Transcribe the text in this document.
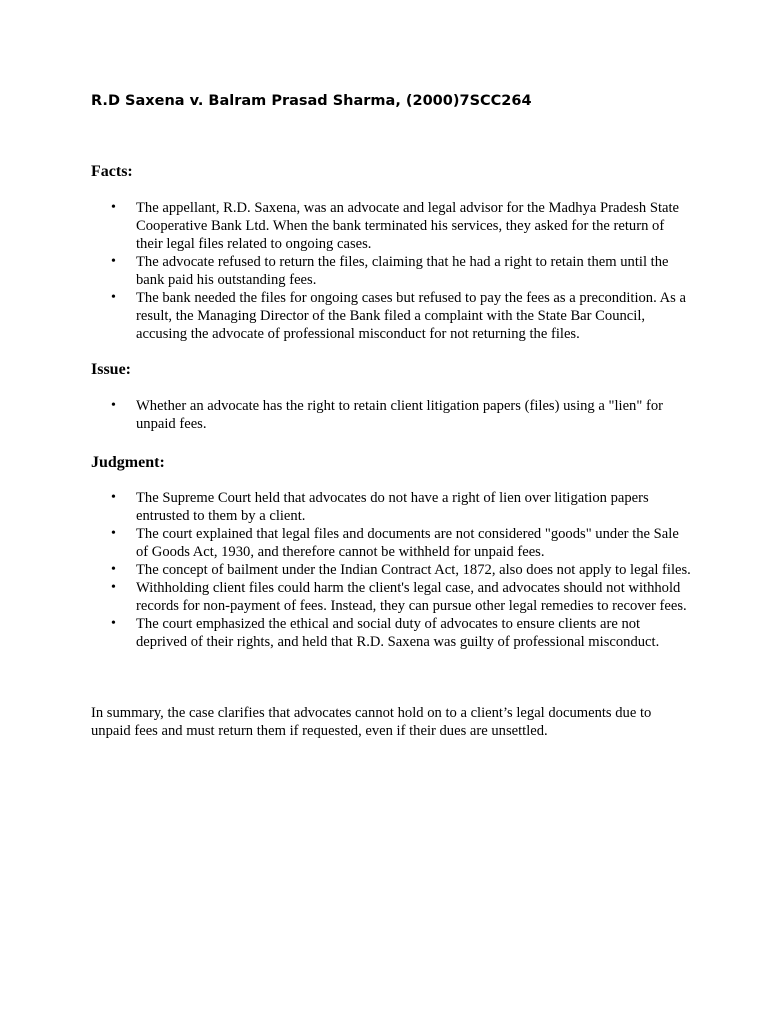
R.D Saxena v. Balram Prasad Sharma, (2000)7SCC264
Facts:
• The appellant, R.D. Saxena, was an advocate and legal advisor for the Madhya Pradesh State Cooperative Bank Ltd. When the bank terminated his services, they asked for the return of their legal files related to ongoing cases.
• The advocate refused to return the files, claiming that he had a right to retain them until the bank paid his outstanding fees.
• The bank needed the files for ongoing cases but refused to pay the fees as a precondition. As a result, the Managing Director of the Bank filed a complaint with the State Bar Council, accusing the advocate of professional misconduct for not returning the files.
Issue:
• Whether an advocate has the right to retain client litigation papers (files) using a "lien" for unpaid fees.
Judgment:
• The Supreme Court held that advocates do not have a right of lien over litigation papers entrusted to them by a client.
• The court explained that legal files and documents are not considered "goods" under the Sale of Goods Act, 1930, and therefore cannot be withheld for unpaid fees.
• The concept of bailment under the Indian Contract Act, 1872, also does not apply to legal files.
• Withholding client files could harm the client's legal case, and advocates should not withhold records for non-payment of fees. Instead, they can pursue other legal remedies to recover fees.
• The court emphasized the ethical and social duty of advocates to ensure clients are not deprived of their rights, and held that R.D. Saxena was guilty of professional misconduct.

In summary, the case clarifies that advocates cannot hold on to a client’s legal documents due to unpaid fees and must return them if requested, even if their dues are unsettled.
